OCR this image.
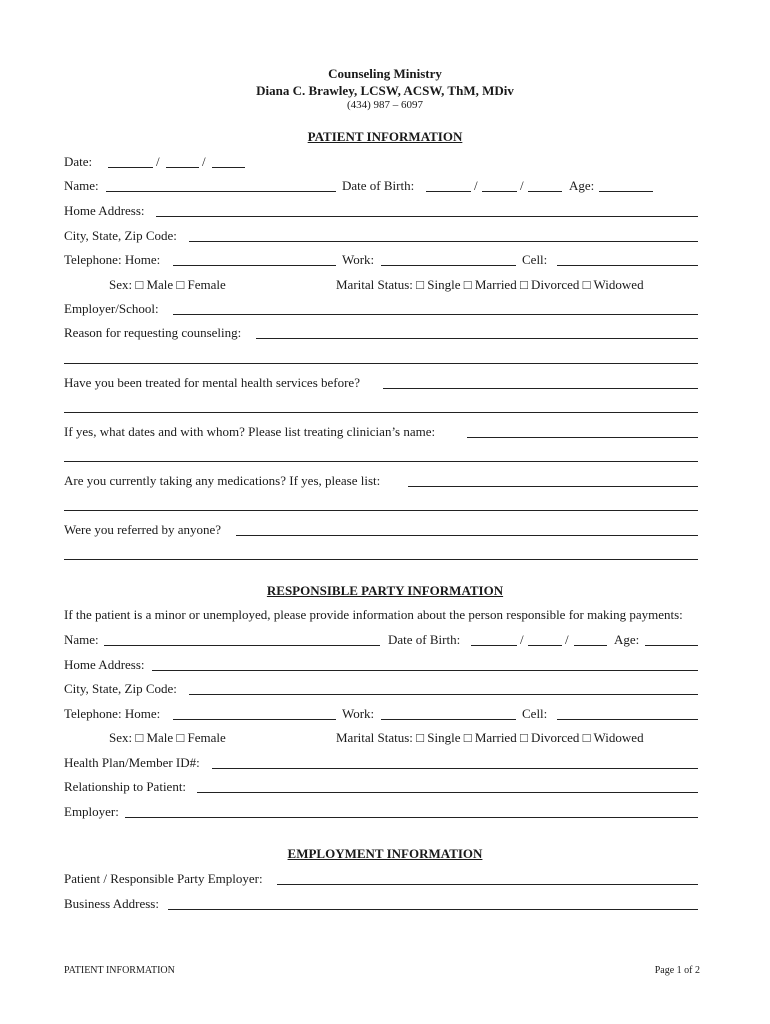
Counseling Ministry
Diana C. Brawley, LCSW, ACSW, ThM, MDiv
(434) 987 – 6097
PATIENT INFORMATION
Date:	/	/
Name:	Date of Birth:	/	/	Age:
Home Address:
City, State, Zip Code:
Telephone: Home:	Work:	Cell:
Sex: □ Male □ Female	Marital Status: □ Single □ Married □ Divorced □ Widowed
Employer/School:
Reason for requesting counseling:
Have you been treated for mental health services before?
If yes, what dates and with whom? Please list treating clinician’s name:
Are you currently taking any medications? If yes, please list:
Were you referred by anyone?
RESPONSIBLE PARTY INFORMATION
If the patient is a minor or unemployed, please provide information about the person responsible for making payments:
Name:	Date of Birth:	/	/	Age:
Home Address:
City, State, Zip Code:
Telephone: Home:	Work:	Cell:
Sex: □ Male □ Female	Marital Status: □ Single □ Married □ Divorced □ Widowed
Health Plan/Member ID#:
Relationship to Patient:
Employer:
EMPLOYMENT INFORMATION
Patient / Responsible Party Employer:
Business Address:
PATIENT INFORMATION	Page 1 of 2
